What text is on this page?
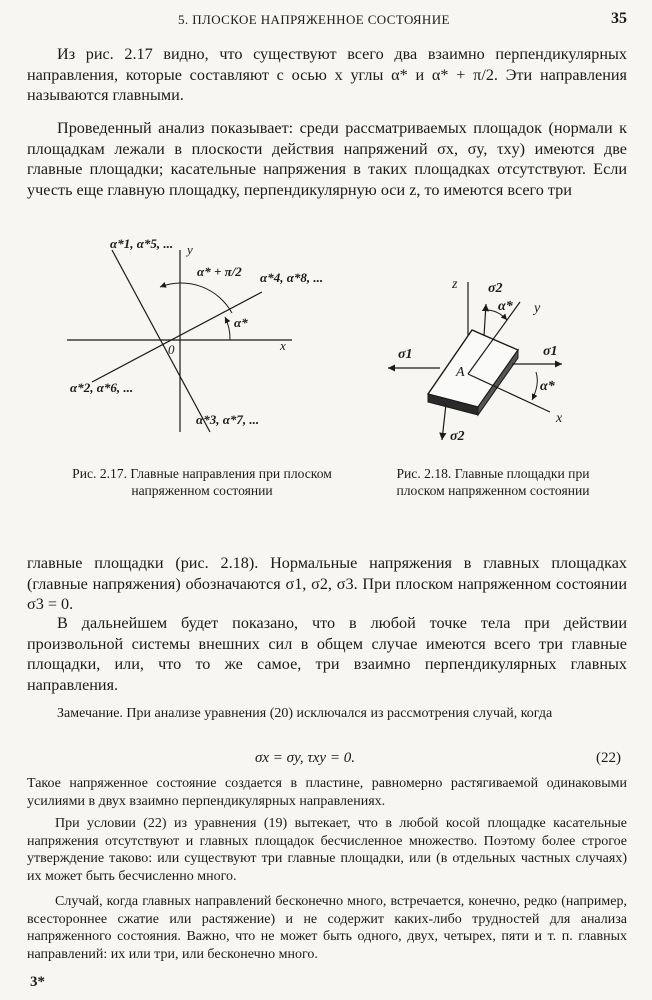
5. ПЛОСКОЕ НАПРЯЖЕННОЕ СОСТОЯНИЕ	35

Из рис. 2.17 видно, что существуют всего два взаимно перпендикулярных направления, которые составляют с осью x углы α* и α* + π/2. Эти направления называются главными.

Проведенный анализ показывает: среди рассматриваемых площадок (нормали к площадкам лежали в плоскости действия напряжений σx, σy, τxy) имеются две главные площадки; касательные напряжения в таких площадках отсутствуют. Если учесть еще главную площадку, перпендикулярную оси z, то имеются всего три

α*1, α*5, ... y
α* + π/2 α*4, α*8, ...
α*
0	x
α*2, α*6, ...
α*3, α*7, ...
z σ2
α* y
σ1
A
σ1
α*
x
σ2

Рис. 2.17. Главные направления при плоском напряженном состоянии

Рис. 2.18. Главные площадки при плоском напряженном состоянии

главные площадки (рис. 2.18). Нормальные напряжения в главных площадках (главные напряжения) обозначаются σ1, σ2, σ3. При плоском напряженном состоянии σ3 = 0.

В дальнейшем будет показано, что в любой точке тела при действии произвольной системы внешних сил в общем случае имеются всего три главные площадки, или, что то же самое, три взаимно перпендикулярных главных направления.

Замечание. При анализе уравнения (20) исключался из рассмотрения случай, когда

σx = σy, τxy = 0.	(22)

Такое напряженное состояние создается в пластине, равномерно растягиваемой одинаковыми усилиями в двух взаимно перпендикулярных направлениях.

При условии (22) из уравнения (19) вытекает, что в любой косой площадке касательные напряжения отсутствуют и главных площадок бесчисленное множество. Поэтому более строгое утверждение таково: или существуют три главные площадки, или (в отдельных частных случаях) их может быть бесчисленно много.

Случай, когда главных направлений бесконечно много, встречается, конечно, редко (например, всестороннее сжатие или растяжение) и не содержит каких-либо трудностей для анализа напряженного состояния. Важно, что не может быть одного, двух, четырех, пяти и т. п. главных направлений: их или три, или бесконечно много.

3*
